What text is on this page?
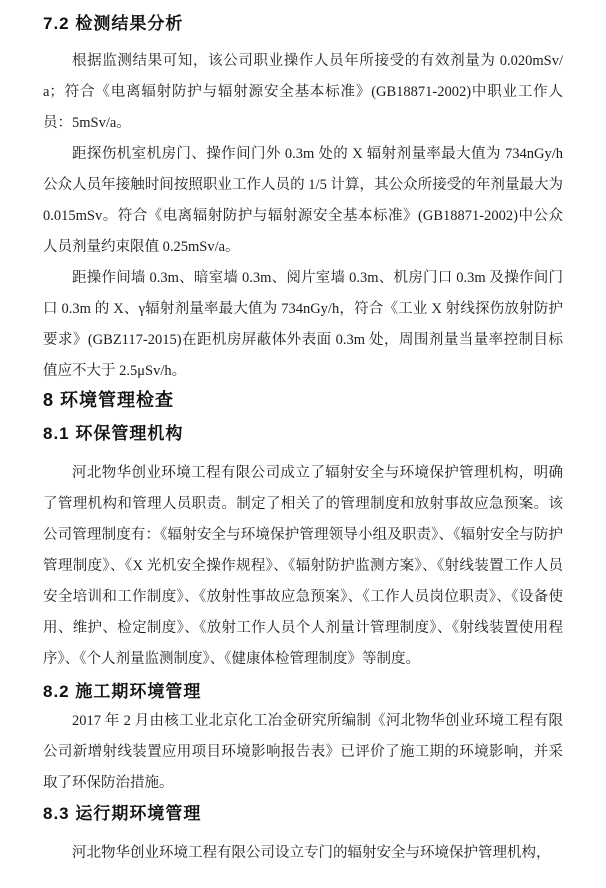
7.2 检测结果分析

根据监测结果可知，该公司职业操作人员年所接受的有效剂量为 0.020mSv/a；符合《电离辐射防护与辐射源安全基本标准》(GB18871-2002)中职业工作人员：5mSv/a。

距探伤机室机房门、操作间门外 0.3m 处的 X 辐射剂量率最大值为 734nGy/h 公众人员年接触时间按照职业工作人员的 1/5 计算，其公众所接受的年剂量最大为 0.015mSv。符合《电离辐射防护与辐射源安全基本标准》(GB18871-2002)中公众人员剂量约束限值 0.25mSv/a。

距操作间墙 0.3m、暗室墙 0.3m、阅片室墙 0.3m、机房门口 0.3m 及操作间门口 0.3m 的 X、γ辐射剂量率最大值为 734nGy/h，符合《工业 X 射线探伤放射防护要求》(GBZ117-2015)在距机房屏蔽体外表面 0.3m 处，周围剂量当量率控制目标值应不大于 2.5μSv/h。

8 环境管理检查
8.1 环保管理机构

河北物华创业环境工程有限公司成立了辐射安全与环境保护管理机构，明确了管理机构和管理人员职责。制定了相关了的管理制度和放射事故应急预案。该公司管理制度有：《辐射安全与环境保护管理领导小组及职责》、《辐射安全与防护管理制度》、《X 光机安全操作规程》、《辐射防护监测方案》、《射线装置工作人员安全培训和工作制度》、《放射性事故应急预案》、《工作人员岗位职责》、《设备使用、维护、检定制度》、《放射工作人员个人剂量计管理制度》、《射线装置使用程序》、《个人剂量监测制度》、《健康体检管理制度》等制度。

8.2 施工期环境管理

2017 年 2 月由核工业北京化工冶金研究所编制《河北物华创业环境工程有限公司新增射线装置应用项目环境影响报告表》已评价了施工期的环境影响，并采取了环保防治措施。

8.3 运行期环境管理

河北物华创业环境工程有限公司设立专门的辐射安全与环境保护管理机构，
